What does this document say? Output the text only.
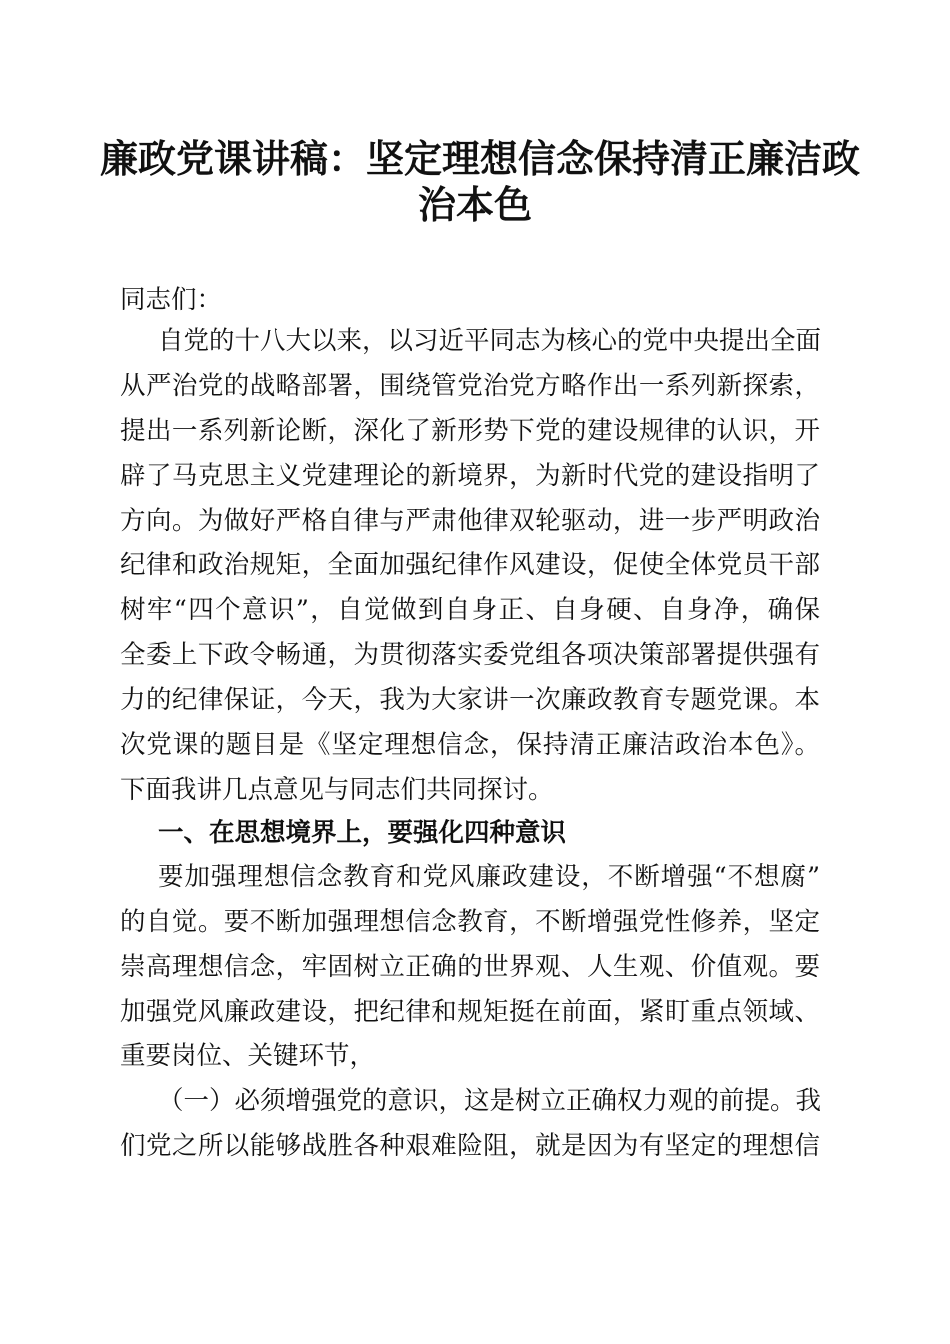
廉政党课讲稿：坚定理想信念保持清正廉洁政
治本色
同志们：
自党的十八大以来，以习近平同志为核心的党中央提出全面
从严治党的战略部署，围绕管党治党方略作出一系列新探索，
提出一系列新论断，深化了新形势下党的建设规律的认识，开
辟了马克思主义党建理论的新境界，为新时代党的建设指明了
方向。为做好严格自律与严肃他律双轮驱动，进一步严明政治
纪律和政治规矩，全面加强纪律作风建设，促使全体党员干部
树牢“四个意识”，自觉做到自身正、自身硬、自身净，确保
全委上下政令畅通，为贯彻落实委党组各项决策部署提供强有
力的纪律保证，今天，我为大家讲一次廉政教育专题党课。本
次党课的题目是《坚定理想信念，保持清正廉洁政治本色》。
下面我讲几点意见与同志们共同探讨。
一、在思想境界上，要强化四种意识
要加强理想信念教育和党风廉政建设，不断增强“不想腐”
的自觉。要不断加强理想信念教育，不断增强党性修养，坚定
崇高理想信念，牢固树立正确的世界观、人生观、价值观。要
加强党风廉政建设，把纪律和规矩挺在前面，紧盯重点领域、
重要岗位、关键环节，
（一）必须增强党的意识，这是树立正确权力观的前提。我
们党之所以能够战胜各种艰难险阻，就是因为有坚定的理想信
